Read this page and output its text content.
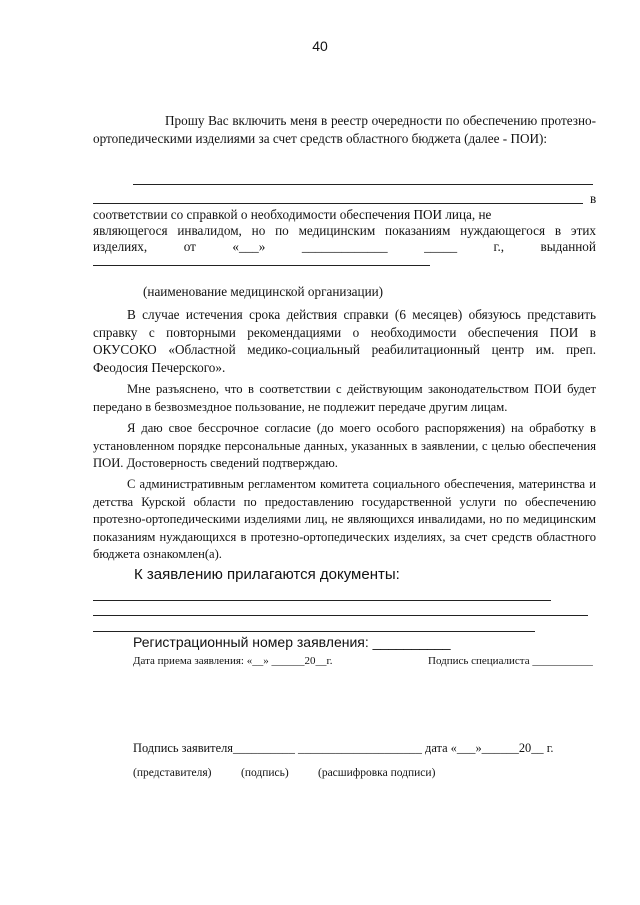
40
Прошу Вас включить меня в реестр очередности по обеспечению протезно-ортопедическими изделиями за счет средств областного бюджета (далее - ПОИ):
в
соответствии со справкой о необходимости обеспечения ПОИ лица, не
являющегося инвалидом, но по медицинским показаниям нуждающегося в этих
изделиях,	от	«___»	_____________	_____	г.,	выданной
(наименование медицинской организации)
В случае истечения срока действия справки (6 месяцев) обязуюсь представить справку с повторными рекомендациями о необходимости обеспечения ПОИ в ОКУСОКО «Областной медико-социальный реабилитационный центр им. преп. Феодосия Печерского».
Мне разъяснено, что в соответствии с действующим законодательством ПОИ будет передано в безвозмездное пользование, не подлежит передаче другим лицам.
Я даю свое бессрочное согласие (до моего особого распоряжения) на обработку в установленном порядке персональные данных, указанных в заявлении, с целью обеспечения ПОИ. Достоверность сведений подтверждаю.
С административным регламентом комитета социального обеспечения, материнства и детства Курской области по предоставлению государственной услуги по обеспечению протезно-ортопедическими изделиями лиц, не являющихся инвалидами, но по медицинским показаниям нуждающихся в протезно-ортопедических изделиях, за счет средств областного бюджета ознакомлен(а).
К заявлению прилагаются документы:
Регистрационный номер заявления: __________
Дата приема заявления: «__» ______20__г.	Подпись специалиста ___________
Подпись заявителя__________ ____________________ дата «___»______20__ г.
(представителя)	(подпись)	(расшифровка подписи)
